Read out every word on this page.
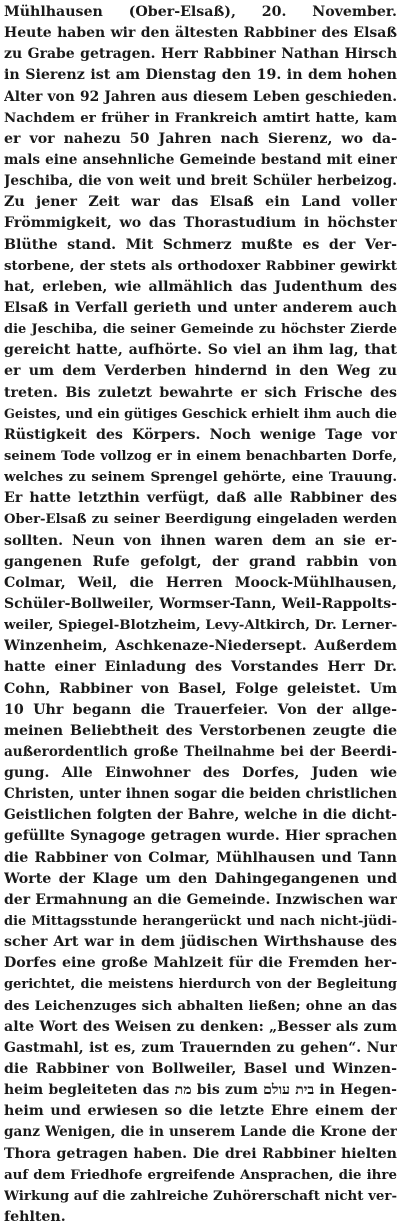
Mühlhausen (Ober-Elsaß), 20. November.
Heute haben wir den ältesten Rabbiner des Elsaß
zu Grabe getragen. Herr Rabbiner Nathan Hirsch
in Sierenz ist am Dienstag den 19. in dem hohen
Alter von 92 Jahren aus diesem Leben geschieden.
Nachdem er früher in Frankreich amtirt hatte, kam
er vor nahezu 50 Jahren nach Sierenz, wo da-
mals eine ansehnliche Gemeinde bestand mit einer
Jeschiba, die von weit und breit Schüler herbeizog.
Zu jener Zeit war das Elsaß ein Land voller
Frömmigkeit, wo das Thorastudium in höchster
Blüthe stand. Mit Schmerz mußte es der Ver-
storbene, der stets als orthodoxer Rabbiner gewirkt
hat, erleben, wie allmählich das Judenthum des
Elsaß in Verfall gerieth und unter anderem auch
die Jeschiba, die seiner Gemeinde zu höchster Zierde
gereicht hatte, aufhörte. So viel an ihm lag, that
er um dem Verderben hindernd in den Weg zu
treten. Bis zuletzt bewahrte er sich Frische des
Geistes, und ein gütiges Geschick erhielt ihm auch die
Rüstigkeit des Körpers. Noch wenige Tage vor
seinem Tode vollzog er in einem benachbarten Dorfe,
welches zu seinem Sprengel gehörte, eine Trauung.
Er hatte letzthin verfügt, daß alle Rabbiner des
Ober-Elsaß zu seiner Beerdigung eingeladen werden
sollten. Neun von ihnen waren dem an sie er-
gangenen Rufe gefolgt, der grand rabbin von
Colmar, Weil, die Herren Moock-Mühlhausen,
Schüler-Bollweiler, Wormser-Tann, Weil-Rappolts-
weiler, Spiegel-Blotzheim, Levy-Altkirch, Dr. Lerner-
Winzenheim, Aschkenaze-Niedersept. Außerdem
hatte einer Einladung des Vorstandes Herr Dr.
Cohn, Rabbiner von Basel, Folge geleistet. Um
10 Uhr begann die Trauerfeier. Von der allge-
meinen Beliebtheit des Verstorbenen zeugte die
außerordentlich große Theilnahme bei der Beerdi-
gung. Alle Einwohner des Dorfes, Juden wie
Christen, unter ihnen sogar die beiden christlichen
Geistlichen folgten der Bahre, welche in die dicht-
gefüllte Synagoge getragen wurde. Hier sprachen
die Rabbiner von Colmar, Mühlhausen und Tann
Worte der Klage um den Dahingegangenen und
der Ermahnung an die Gemeinde. Inzwischen war
die Mittagsstunde herangerückt und nach nicht-jüdi-
scher Art war in dem jüdischen Wirthshause des
Dorfes eine große Mahlzeit für die Fremden her-
gerichtet, die meistens hierdurch von der Begleitung
des Leichenzuges sich abhalten ließen; ohne an das
alte Wort des Weisen zu denken: „Besser als zum
Gastmahl, ist es, zum Trauernden zu gehen“. Nur
die Rabbiner von Bollweiler, Basel und Winzen-
heim begleiteten das מת bis zum בית עולם in Hegen-
heim und erwiesen so die letzte Ehre einem der
ganz Wenigen, die in unserem Lande die Krone der
Thora getragen haben. Die drei Rabbiner hielten
auf dem Friedhofe ergreifende Ansprachen, die ihre
Wirkung auf die zahlreiche Zuhörerschaft nicht ver-
fehlten.
